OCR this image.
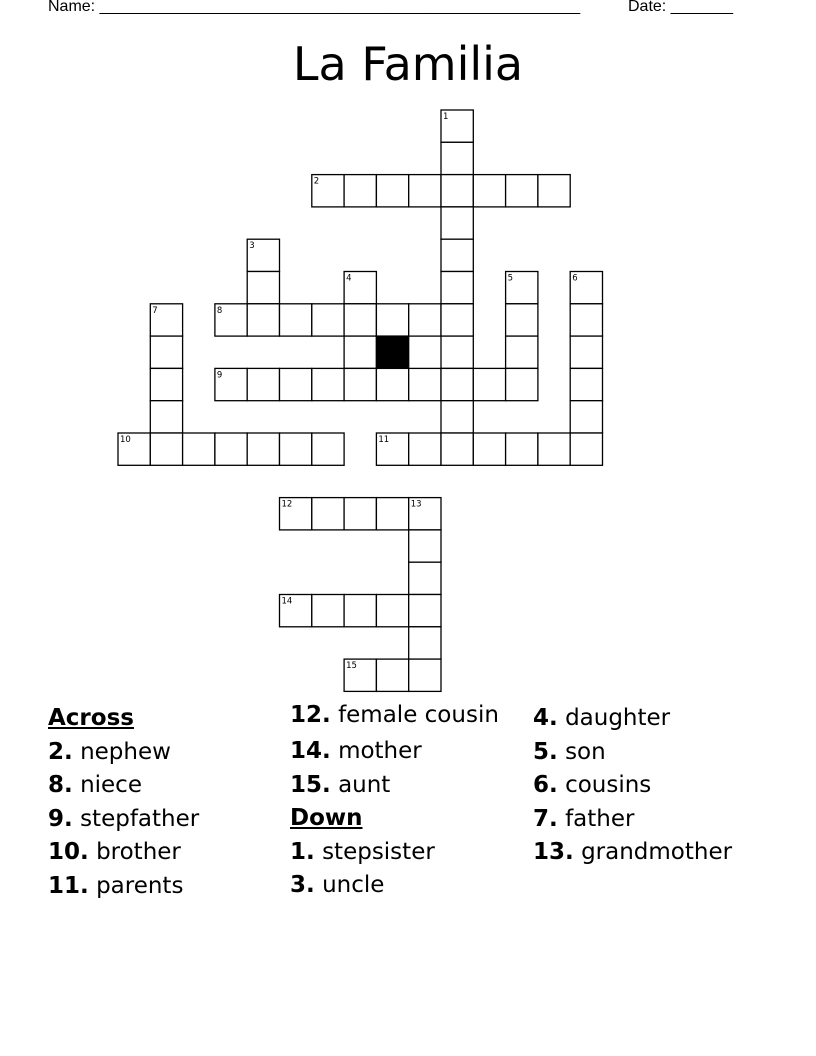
Name: ______________________________________________________	Date: _______
La Familia
1
2
3
4	5	6
7	8
9
10	11
12	13
14
15
Across
2. nephew
8. niece
9. stepfather
10. brother
11. parents
12. female cousin
14. mother
15. aunt
Down
1. stepsister
3. uncle
4. daughter
5. son
6. cousins
7. father
13. grandmother
